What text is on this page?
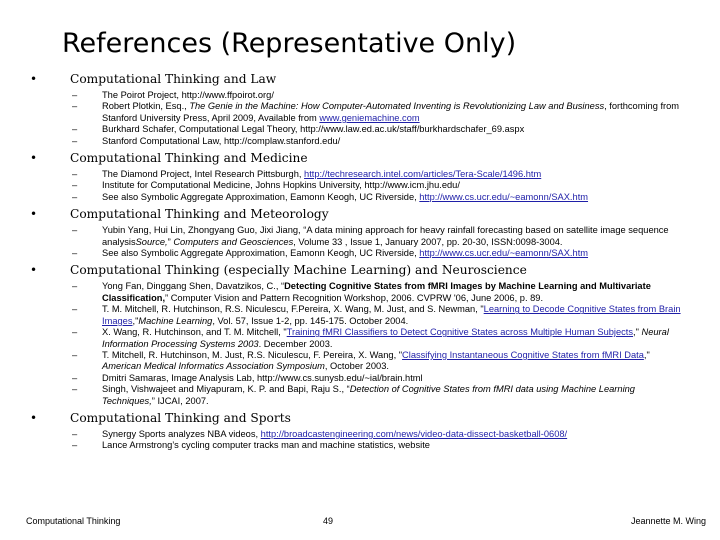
References (Representative Only)
•	Computational Thinking and Law
–	The Poirot Project, http://www.ffpoirot.org/
–	Robert Plotkin, Esq., The Genie in the Machine: How Computer-Automated Inventing is Revolutionizing Law and Business, forthcoming from Stanford University Press, April 2009, Available from www.geniemachine.com
–	Burkhard Schafer, Computational Legal Theory, http://www.law.ed.ac.uk/staff/burkhardschafer_69.aspx
–	Stanford Computational Law, http://complaw.stanford.edu/
•	Computational Thinking and Medicine
–	The Diamond Project, Intel Research Pittsburgh, http://techresearch.intel.com/articles/Tera-Scale/1496.htm
–	Institute for Computational Medicine, Johns Hopkins University, http://www.icm.jhu.edu/
–	See also Symbolic Aggregate Approximation, Eamonn Keogh, UC Riverside, http://www.cs.ucr.edu/~eamonn/SAX.htm
•	Computational Thinking and Meteorology
–	Yubin Yang, Hui Lin, Zhongyang Guo, Jixi Jiang, “A data mining approach for heavy rainfall forecasting based on satellite image sequence analysisSource,” Computers and Geosciences, Volume 33 , Issue 1, January 2007, pp. 20-30, ISSN:0098-3004.
–	See also Symbolic Aggregate Approximation, Eamonn Keogh, UC Riverside, http://www.cs.ucr.edu/~eamonn/SAX.htm
•	Computational Thinking (especially Machine Learning) and Neuroscience
–	Yong Fan, Dinggang Shen, Davatzikos, C., “Detecting Cognitive States from fMRI Images by Machine Learning and Multivariate Classification,” Computer Vision and Pattern Recognition Workshop, 2006. CVPRW '06, June 2006, p. 89.
–	T. M. Mitchell, R. Hutchinson, R.S. Niculescu, F.Pereira, X. Wang, M. Just, and S. Newman, "Learning to Decode Cognitive States from Brain Images,"Machine Learning, Vol. 57, Issue 1-2, pp. 145-175. October 2004.
–	X. Wang, R. Hutchinson, and T. M. Mitchell, "Training fMRI Classifiers to Detect Cognitive States across Multiple Human Subjects," Neural Information Processing Systems 2003. December 2003.
–	T. Mitchell, R. Hutchinson, M. Just, R.S. Niculescu, F. Pereira, X. Wang, "Classifying Instantaneous Cognitive States from fMRI Data," American Medical Informatics Association Symposium, October 2003.
–	Dmitri Samaras, Image Analysis Lab, http://www.cs.sunysb.edu/~ial/brain.html
–	Singh, Vishwajeet and Miyapuram, K. P. and Bapi, Raju S., “Detection of Cognitive States from fMRI data using Machine Learning Techniques,” IJCAI, 2007.
•	Computational Thinking and Sports
–	Synergy Sports analyzes NBA videos, http://broadcastengineering.com/news/video-data-dissect-basketball-0608/
–	Lance Armstrong’s cycling computer tracks man and machine statistics, website
Computational Thinking	49	Jeannette M. Wing
